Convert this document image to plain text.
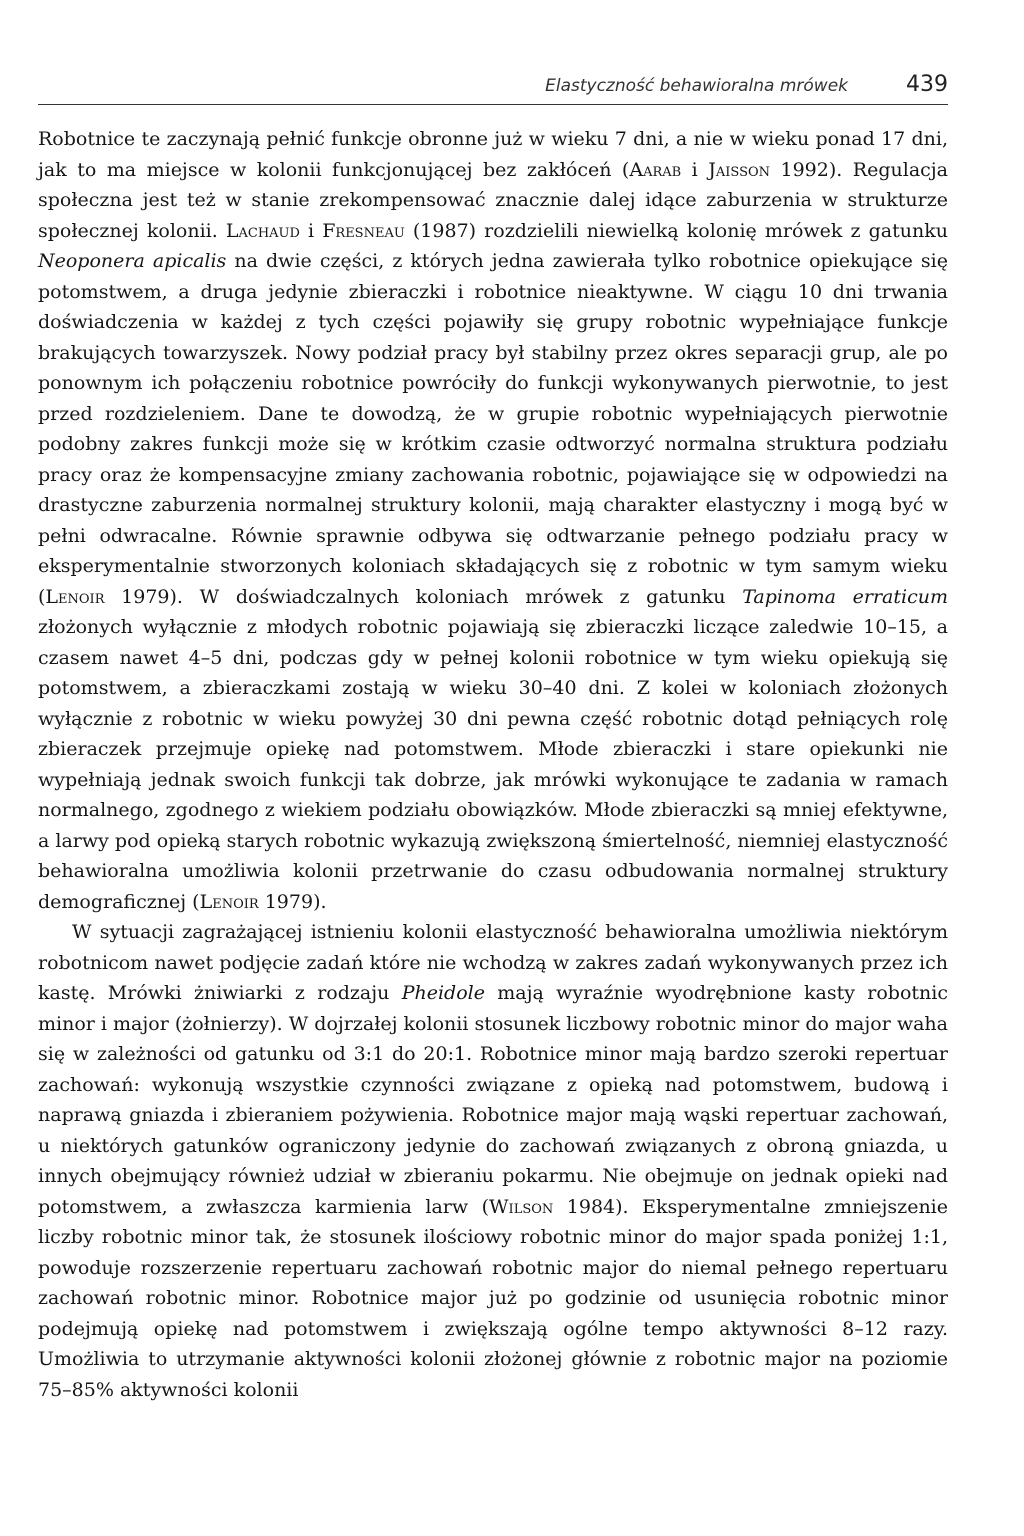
Elastyczność behawioralna mrówek	439

Robotnice te zaczynają pełnić funkcje obronne już w wieku 7 dni, a nie w wieku ponad 17 dni, jak to ma miejsce w kolonii funkcjonującej bez zakłóceń (Aarab i Jaisson 1992). Regulacja społeczna jest też w stanie zrekompensować znacznie dalej idące zaburzenia w strukturze społecznej kolonii. Lachaud i Fresneau (1987) rozdzielili niewielką kolonię mrówek z gatunku Neoponera apicalis na dwie części, z których jedna zawierała tylko robotnice opiekujące się potomstwem, a druga jedynie zbieraczki i robotnice nieaktywne. W ciągu 10 dni trwania doświadczenia w każdej z tych części pojawiły się grupy robotnic wypełniające funkcje brakujących towarzyszek. Nowy podział pracy był stabilny przez okres separacji grup, ale po ponownym ich połączeniu robotnice powróciły do funkcji wykonywanych pierwotnie, to jest przed rozdzieleniem. Dane te dowodzą, że w grupie robotnic wypełniających pierwotnie podobny zakres funkcji może się w krótkim czasie odtworzyć normalna struktura podziału pracy oraz że kompensacyjne zmiany zachowania robotnic, pojawiające się w odpowiedzi na drastyczne zaburzenia normalnej struktury kolonii, mają charakter elastyczny i mogą być w pełni odwracalne. Równie sprawnie odbywa się odtwarzanie pełnego podziału pracy w eksperymentalnie stworzonych koloniach składających się z robotnic w tym samym wieku (Lenoir 1979). W doświadczalnych koloniach mrówek z gatunku Tapinoma erraticum złożonych wyłącznie z młodych robotnic pojawiają się zbieraczki liczące zaledwie 10–15, a czasem nawet 4–5 dni, podczas gdy w pełnej kolonii robotnice w tym wieku opiekują się potomstwem, a zbieraczkami zostają w wieku 30–40 dni. Z kolei w koloniach złożonych wyłącznie z robotnic w wieku powyżej 30 dni pewna część robotnic dotąd pełniących rolę zbieraczek przejmuje opiekę nad potomstwem. Młode zbieraczki i stare opiekunki nie wypełniają jednak swoich funkcji tak dobrze, jak mrówki wykonujące te zadania w ramach normalnego, zgodnego z wiekiem podziału obowiązków. Młode zbieraczki są mniej efektywne, a larwy pod opieką starych robotnic wykazują zwiększoną śmiertelność, niemniej elastyczność behawioralna umożliwia kolonii przetrwanie do czasu odbudowania normalnej struktury demograficznej (Lenoir 1979).

W sytuacji zagrażającej istnieniu kolonii elastyczność behawioralna umożliwia niektórym robotnicom nawet podjęcie zadań które nie wchodzą w zakres zadań wykonywanych przez ich kastę. Mrówki żniwiarki z rodzaju Pheidole mają wyraźnie wyodrębnione kasty robotnic minor i major (żołnierzy). W dojrzałej kolonii stosunek liczbowy robotnic minor do major waha się w zależności od gatunku od 3:1 do 20:1. Robotnice minor mają bardzo szeroki repertuar zachowań: wykonują wszystkie czynności związane z opieką nad potomstwem, budową i naprawą gniazda i zbieraniem pożywienia. Robotnice major mają wąski repertuar zachowań, u niektórych gatunków ograniczony jedynie do zachowań związanych z obroną gniazda, u innych obejmujący również udział w zbieraniu pokarmu. Nie obejmuje on jednak opieki nad potomstwem, a zwłaszcza karmienia larw (Wilson 1984). Eksperymentalne zmniejszenie liczby robotnic minor tak, że stosunek ilościowy robotnic minor do major spada poniżej 1:1, powoduje rozszerzenie repertuaru zachowań robotnic major do niemal pełnego repertuaru zachowań robotnic minor. Robotnice major już po godzinie od usunięcia robotnic minor podejmują opiekę nad potomstwem i zwiększają ogólne tempo aktywności 8–12 razy. Umożliwia to utrzymanie aktywności kolonii złożonej głównie z robotnic major na poziomie 75–85% aktywności kolonii
